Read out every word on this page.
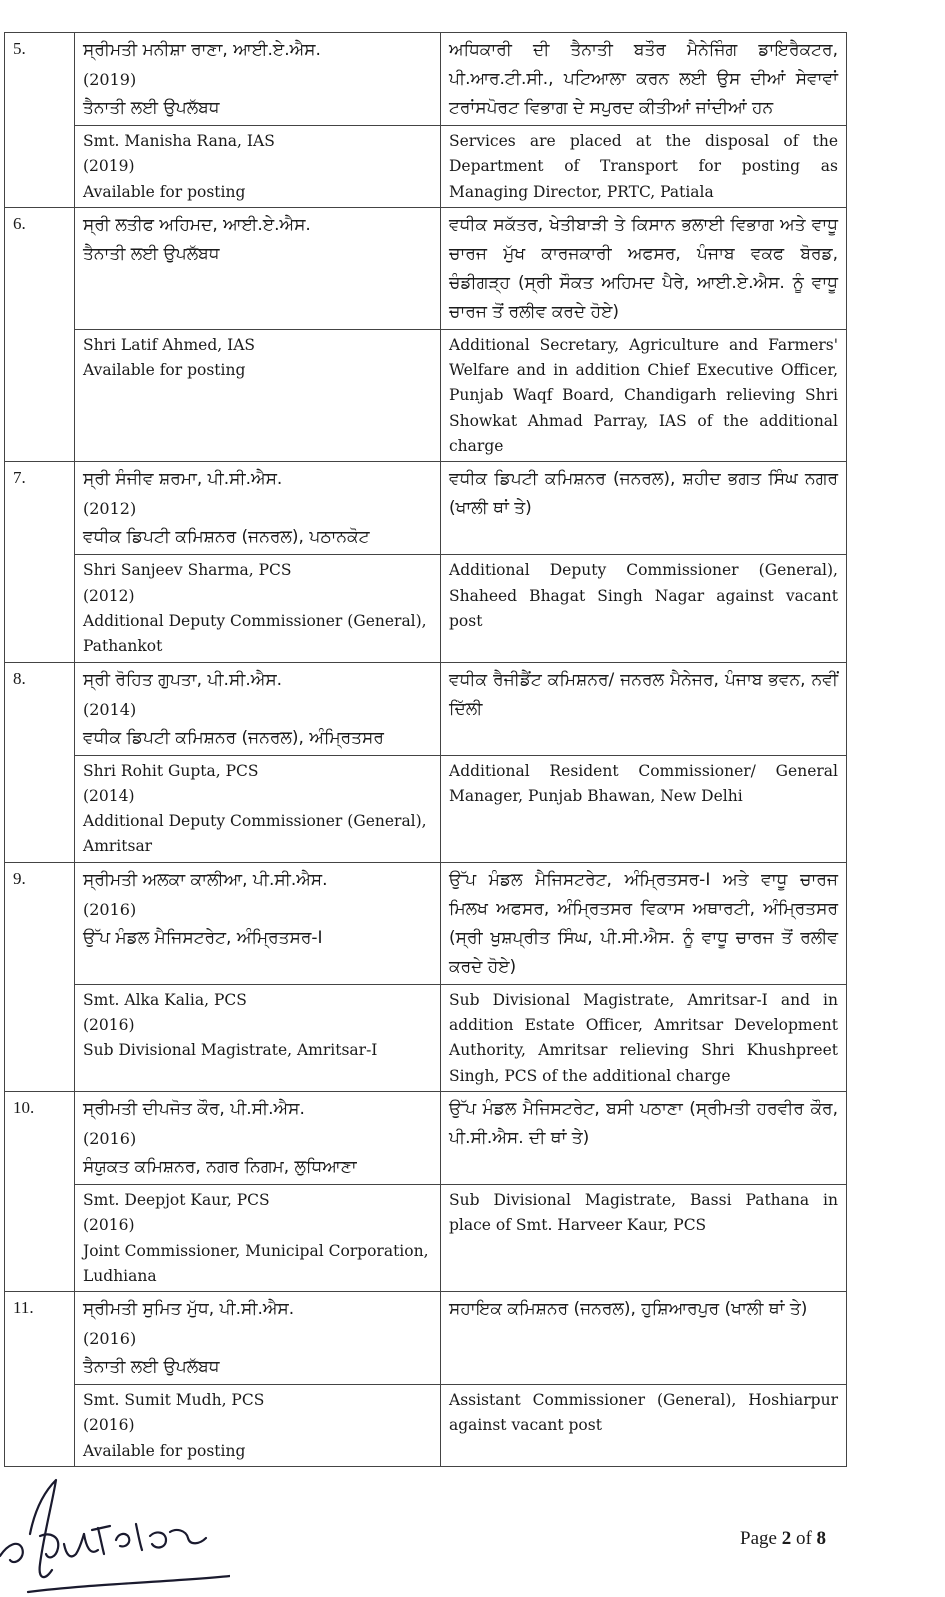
5.	ਸ੍ਰੀਮਤੀ ਮਨੀਸ਼ਾ ਰਾਣਾ, ਆਈ.ਏ.ਐਸ.
(2019)
ਤੈਨਾਤੀ ਲਈ ਉਪਲੱਬਧ	ਅਧਿਕਾਰੀ ਦੀ ਤੈਨਾਤੀ ਬਤੌਰ ਮੈਨੇਜਿੰਗ ਡਾਇਰੈਕਟਰ, ਪੀ.ਆਰ.ਟੀ.ਸੀ., ਪਟਿਆਲਾ ਕਰਨ ਲਈ ਉਸ ਦੀਆਂ ਸੇਵਾਵਾਂ ਟਰਾਂਸਪੋਰਟ ਵਿਭਾਗ ਦੇ ਸਪੁਰਦ ਕੀਤੀਆਂ ਜਾਂਦੀਆਂ ਹਨ

	Smt. Manisha Rana, IAS
(2019)
Available for posting	Services are placed at the disposal of the Department of Transport for posting as Managing Director, PRTC, Patiala
6.	ਸ੍ਰੀ ਲਤੀਫ ਅਹਿਮਦ, ਆਈ.ਏ.ਐਸ.
ਤੈਨਾਤੀ ਲਈ ਉਪਲੱਬਧ	ਵਧੀਕ ਸਕੱਤਰ, ਖੇਤੀਬਾੜੀ ਤੇ ਕਿਸਾਨ ਭਲਾਈ ਵਿਭਾਗ ਅਤੇ ਵਾਧੂ ਚਾਰਜ ਮੁੱਖ ਕਾਰਜਕਾਰੀ ਅਫਸਰ, ਪੰਜਾਬ ਵਕਫ ਬੋਰਡ, ਚੰਡੀਗੜ੍ਹ (ਸ੍ਰੀ ਸੌਕਤ ਅਹਿਮਦ ਪੈਰੇ, ਆਈ.ਏ.ਐਸ. ਨੂੰ ਵਾਧੂ ਚਾਰਜ ਤੋਂ ਰਲੀਵ ਕਰਦੇ ਹੋਏ)

	Shri Latif Ahmed, IAS
Available for posting	Additional Secretary, Agriculture and Farmers' Welfare and in addition Chief Executive Officer, Punjab Waqf Board, Chandigarh relieving Shri Showkat Ahmad Parray, IAS of the additional charge
7.	ਸ੍ਰੀ ਸੰਜੀਵ ਸ਼ਰਮਾ, ਪੀ.ਸੀ.ਐਸ.
(2012)
ਵਧੀਕ ਡਿਪਟੀ ਕਮਿਸ਼ਨਰ (ਜਨਰਲ), ਪਠਾਨਕੋਟ	ਵਧੀਕ ਡਿਪਟੀ ਕਮਿਸ਼ਨਰ (ਜਨਰਲ), ਸ਼ਹੀਦ ਭਗਤ ਸਿੰਘ ਨਗਰ (ਖਾਲੀ ਥਾਂ ਤੇ)

	Shri Sanjeev Sharma, PCS
(2012)
Additional Deputy Commissioner (General), Pathankot	Additional Deputy Commissioner (General), Shaheed Bhagat Singh Nagar against vacant post
8.	ਸ੍ਰੀ ਰੋਹਿਤ ਗੁਪਤਾ, ਪੀ.ਸੀ.ਐਸ.
(2014)
ਵਧੀਕ ਡਿਪਟੀ ਕਮਿਸ਼ਨਰ (ਜਨਰਲ), ਅੰਮ੍ਰਿਤਸਰ	ਵਧੀਕ ਰੈਜੀਡੈਂਟ ਕਮਿਸ਼ਨਰ/ ਜਨਰਲ ਮੈਨੇਜਰ, ਪੰਜਾਬ ਭਵਨ, ਨਵੀਂ ਦਿੱਲੀ

	Shri Rohit Gupta, PCS
(2014)
Additional Deputy Commissioner (General), Amritsar	Additional Resident Commissioner/ General Manager, Punjab Bhawan, New Delhi
9.	ਸ੍ਰੀਮਤੀ ਅਲਕਾ ਕਾਲੀਆ, ਪੀ.ਸੀ.ਐਸ.
(2016)
ਉੱਪ ਮੰਡਲ ਮੈਜਿਸਟਰੇਟ, ਅੰਮ੍ਰਿਤਸਰ-I	ਉੱਪ ਮੰਡਲ ਮੈਜਿਸਟਰੇਟ, ਅੰਮ੍ਰਿਤਸਰ-I ਅਤੇ ਵਾਧੂ ਚਾਰਜ ਮਿਲਖ ਅਫਸਰ, ਅੰਮ੍ਰਿਤਸਰ ਵਿਕਾਸ ਅਥਾਰਟੀ, ਅੰਮ੍ਰਿਤਸਰ (ਸ੍ਰੀ ਖੁਸ਼ਪ੍ਰੀਤ ਸਿੰਘ, ਪੀ.ਸੀ.ਐਸ. ਨੂੰ ਵਾਧੂ ਚਾਰਜ ਤੋਂ ਰਲੀਵ ਕਰਦੇ ਹੋਏ)

	Smt. Alka Kalia, PCS
(2016)
Sub Divisional Magistrate, Amritsar-I	Sub Divisional Magistrate, Amritsar-I and in addition Estate Officer, Amritsar Development Authority, Amritsar relieving Shri Khushpreet Singh, PCS of the additional charge
10.	ਸ੍ਰੀਮਤੀ ਦੀਪਜੋਤ ਕੌਰ, ਪੀ.ਸੀ.ਐਸ.
(2016)
ਸੰਯੁਕਤ ਕਮਿਸ਼ਨਰ, ਨਗਰ ਨਿਗਮ, ਲੁਧਿਆਣਾ	ਉੱਪ ਮੰਡਲ ਮੈਜਿਸਟਰੇਟ, ਬਸੀ ਪਠਾਣਾ (ਸ੍ਰੀਮਤੀ ਹਰਵੀਰ ਕੌਰ, ਪੀ.ਸੀ.ਐਸ. ਦੀ ਥਾਂ ਤੇ)

	Smt. Deepjot Kaur, PCS
(2016)
Joint Commissioner, Municipal Corporation, Ludhiana	Sub Divisional Magistrate, Bassi Pathana in place of Smt. Harveer Kaur, PCS
11.	ਸ੍ਰੀਮਤੀ ਸੁਮਿਤ ਮੁੱਧ, ਪੀ.ਸੀ.ਐਸ.
(2016)
ਤੈਨਾਤੀ ਲਈ ਉਪਲੱਬਧ	ਸਹਾਇਕ ਕਮਿਸ਼ਨਰ (ਜਨਰਲ), ਹੁਸ਼ਿਆਰਪੁਰ (ਖਾਲੀ ਥਾਂ ਤੇ)

	Smt. Sumit Mudh, PCS
(2016)
Available for posting	Assistant Commissioner (General), Hoshiarpur against vacant post
Page 2 of 8
